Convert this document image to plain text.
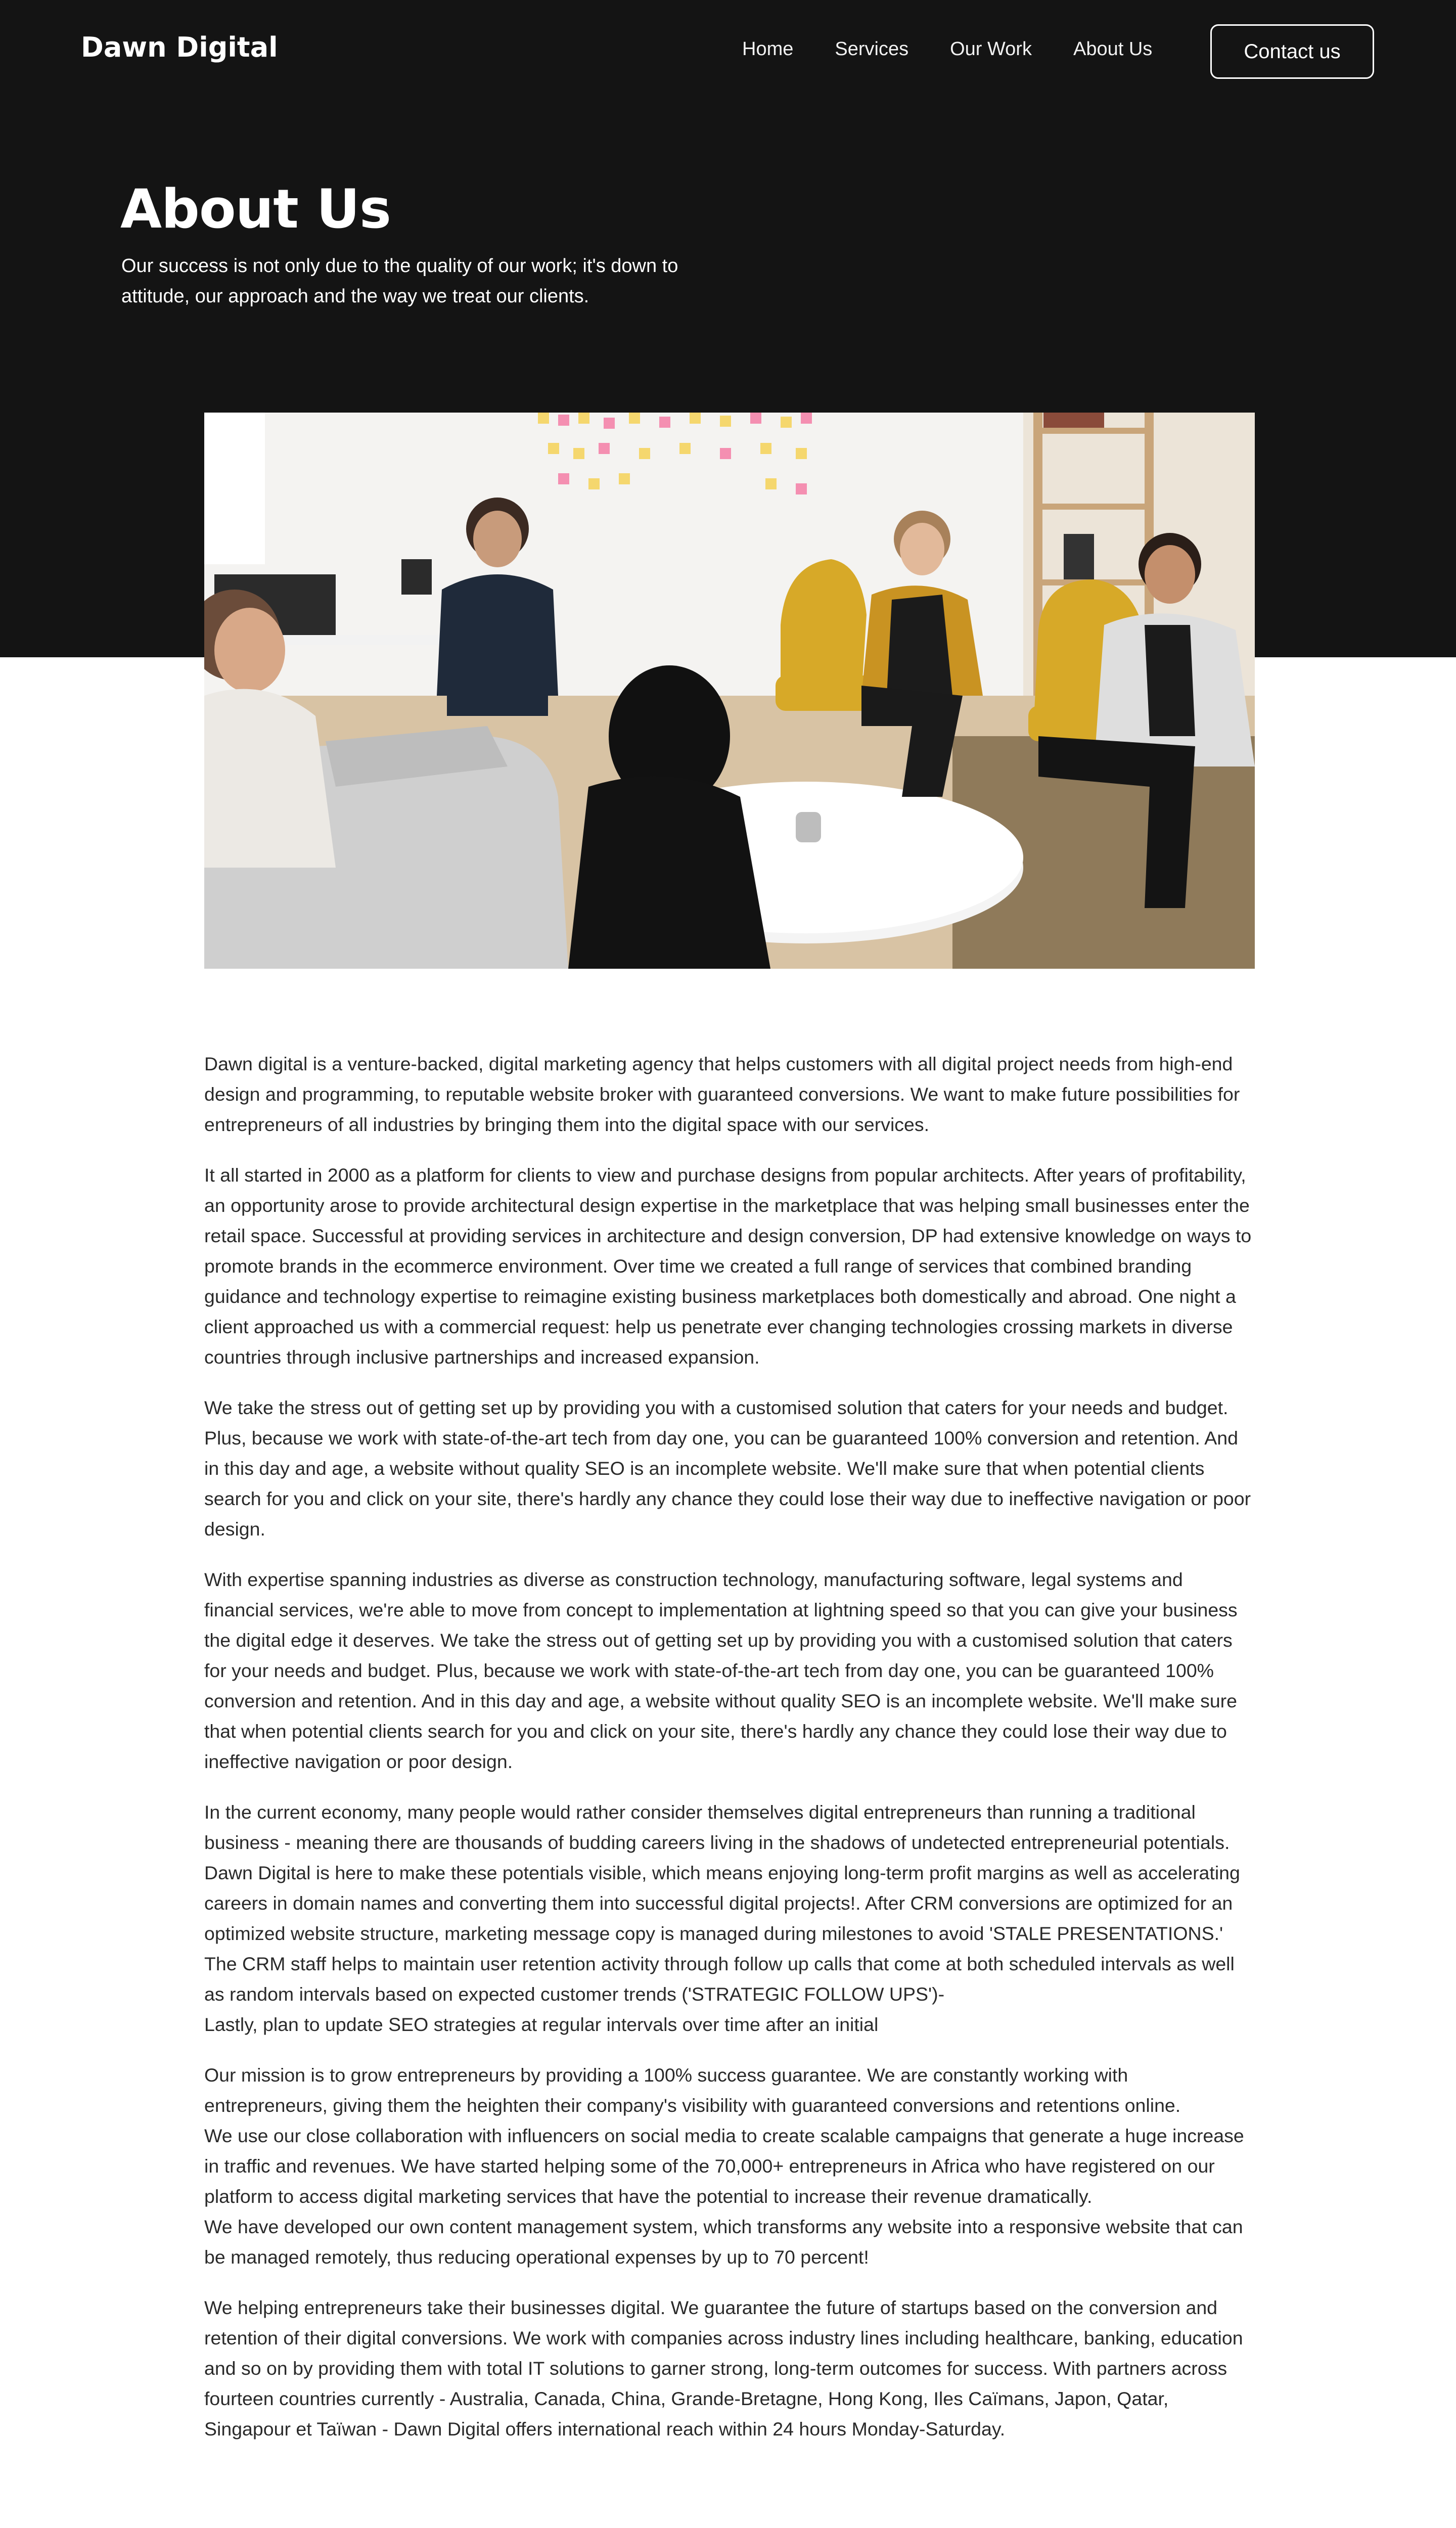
Dawn Digital	Home Services Our Work About Us	Contact us
About Us

Our success is not only due to the quality of our work; it's down to attitude, our approach and the way we treat our clients.

Dawn digital is a venture-backed, digital marketing agency that helps customers with all digital project needs from high-end design and programming, to reputable website broker with guaranteed conversions. We want to make future possibilities for entrepreneurs of all industries by bringing them into the digital space with our services.

It all started in 2000 as a platform for clients to view and purchase designs from popular architects. After years of profitability, an opportunity arose to provide architectural design expertise in the marketplace that was helping small businesses enter the retail space. Successful at providing services in architecture and design conversion, DP had extensive knowledge on ways to promote brands in the ecommerce environment. Over time we created a full range of services that combined branding guidance and technology expertise to reimagine existing business marketplaces both domestically and abroad. One night a client approached us with a commercial request: help us penetrate ever changing technologies crossing markets in diverse countries through inclusive partnerships and increased expansion.

We take the stress out of getting set up by providing you with a customised solution that caters for your needs and budget. Plus, because we work with state-of-the-art tech from day one, you can be guaranteed 100% conversion and retention. And in this day and age, a website without quality SEO is an incomplete website. We'll make sure that when potential clients search for you and click on your site, there's hardly any chance they could lose their way due to ineffective navigation or poor design.

With expertise spanning industries as diverse as construction technology, manufacturing software, legal systems and financial services, we're able to move from concept to implementation at lightning speed so that you can give your business the digital edge it deserves. We take the stress out of getting set up by providing you with a customised solution that caters for your needs and budget. Plus, because we work with state-of-the-art tech from day one, you can be guaranteed 100% conversion and retention. And in this day and age, a website without quality SEO is an incomplete website. We'll make sure that when potential clients search for you and click on your site, there's hardly any chance they could lose their way due to ineffective navigation or poor design.

In the current economy, many people would rather consider themselves digital entrepreneurs than running a traditional business - meaning there are thousands of budding careers living in the shadows of undetected entrepreneurial potentials. Dawn Digital is here to make these potentials visible, which means enjoying long-term profit margins as well as accelerating careers in domain names and converting them into successful digital projects!. After CRM conversions are optimized for an optimized website structure, marketing message copy is managed during milestones to avoid 'STALE PRESENTATIONS.' The CRM staff helps to maintain user retention activity through follow up calls that come at both scheduled intervals as well as random intervals based on expected customer trends ('STRATEGIC FOLLOW UPS')-
Lastly, plan to update SEO strategies at regular intervals over time after an initial

Our mission is to grow entrepreneurs by providing a 100% success guarantee. We are constantly working with entrepreneurs, giving them the heighten their company's visibility with guaranteed conversions and retentions online.
We use our close collaboration with influencers on social media to create scalable campaigns that generate a huge increase in traffic and revenues. We have started helping some of the 70,000+ entrepreneurs in Africa who have registered on our platform to access digital marketing services that have the potential to increase their revenue dramatically.
We have developed our own content management system, which transforms any website into a responsive website that can be managed remotely, thus reducing operational expenses by up to 70 percent!

We helping entrepreneurs take their businesses digital. We guarantee the future of startups based on the conversion and retention of their digital conversions. We work with companies across industry lines including healthcare, banking, education and so on by providing them with total IT solutions to garner strong, long-term outcomes for success. With partners across fourteen countries currently - Australia, Canada, China, Grande-Bretagne, Hong Kong, Iles Caïmans, Japon, Qatar, Singapour et Taïwan - Dawn Digital offers international reach within 24 hours Monday-Saturday.
